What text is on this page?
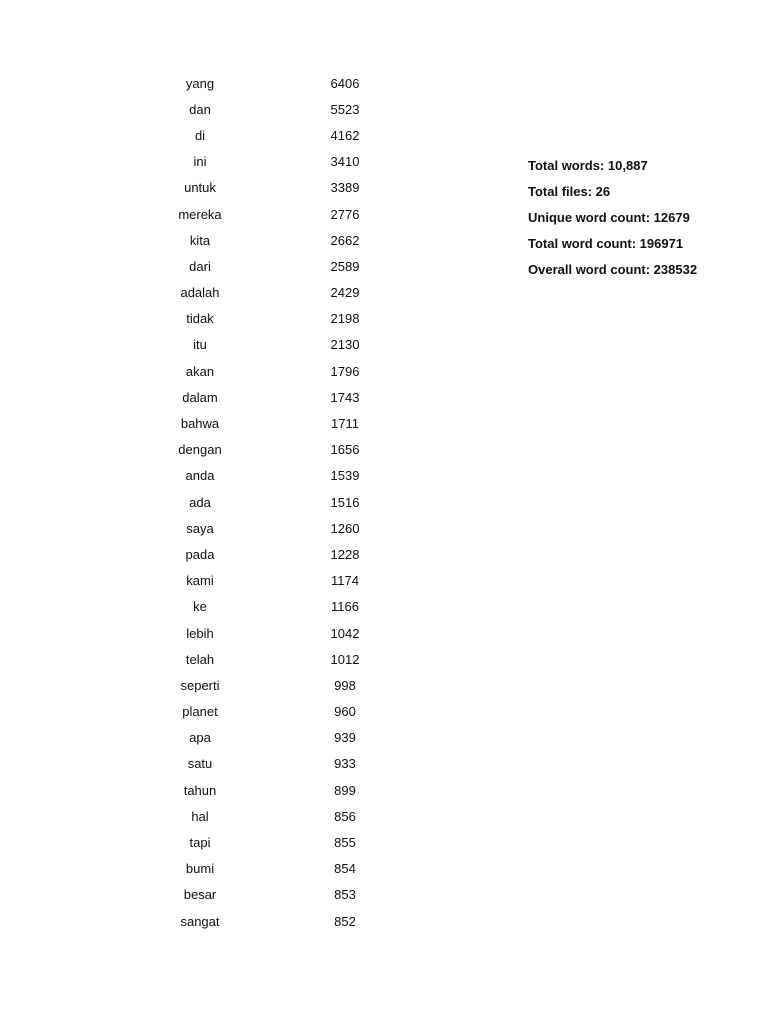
yang	6406
dan	5523
di	4162
ini	3410
untuk	3389
mereka	2776
kita	2662
dari	2589
adalah	2429
tidak	2198
itu	2130
akan	1796
dalam	1743
bahwa	1711
dengan	1656
anda	1539
ada	1516
saya	1260
pada	1228
kami	1174
ke	1166
lebih	1042
telah	1012
seperti	998
planet	960
apa	939
satu	933
tahun	899
hal	856
tapi	855
bumi	854
besar	853
sangat	852
Total words: 10,887
Total files: 26
Unique word count: 12679
Total word count: 196971
Overall word count: 238532
